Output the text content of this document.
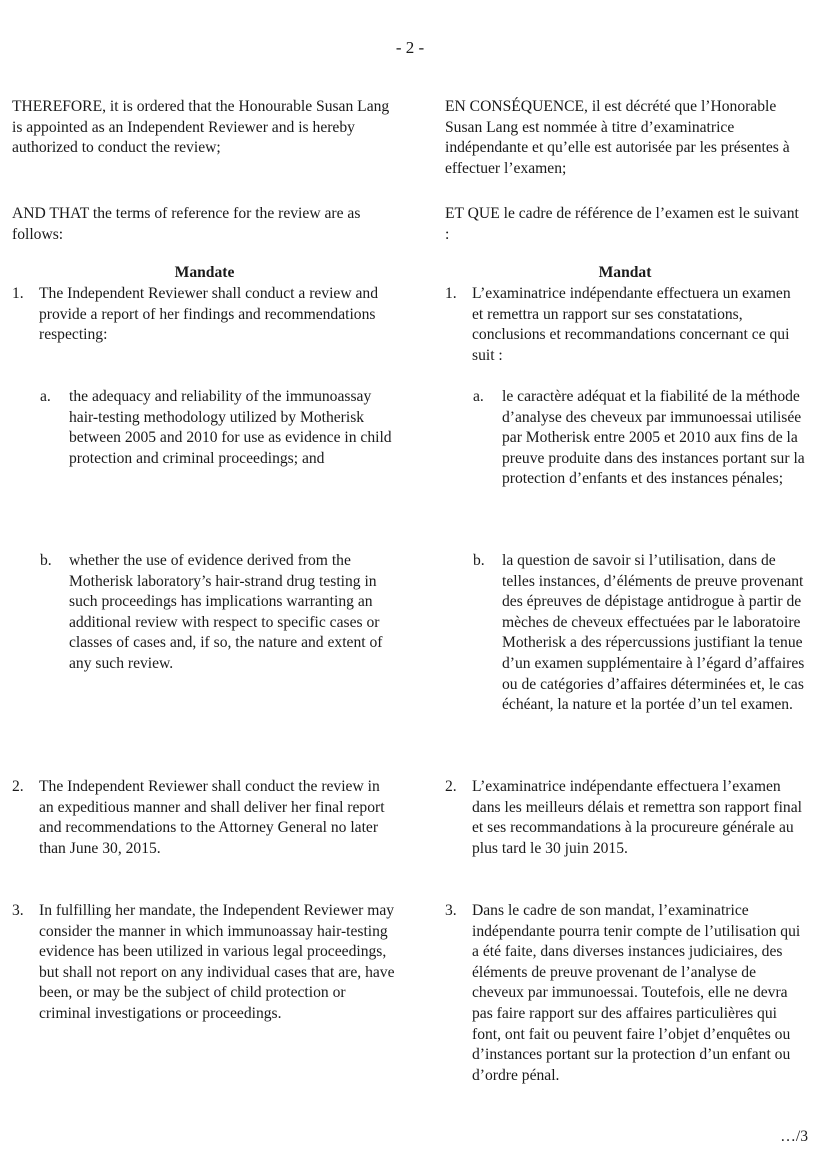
- 2 -

THEREFORE, it is ordered that the Honourable Susan Lang is appointed as an Independent Reviewer and is hereby authorized to conduct the review;

AND THAT the terms of reference for the review are as follows:

Mandate
1. The Independent Reviewer shall conduct a review and provide a report of her findings and recommendations respecting:
a. the adequacy and reliability of the immunoassay hair-testing methodology utilized by Motherisk between 2005 and 2010 for use as evidence in child protection and criminal proceedings; and
b. whether the use of evidence derived from the Motherisk laboratory’s hair-strand drug testing in such proceedings has implications warranting an additional review with respect to specific cases or classes of cases and, if so, the nature and extent of any such review.
2. The Independent Reviewer shall conduct the review in an expeditious manner and shall deliver her final report and recommendations to the Attorney General no later than June 30, 2015.
3. In fulfilling her mandate, the Independent Reviewer may consider the manner in which immunoassay hair-testing evidence has been utilized in various legal proceedings, but shall not report on any individual cases that are, have been, or may be the subject of child protection or criminal investigations or proceedings.

EN CONSÉQUENCE, il est décrété que l’Honorable Susan Lang est nommée à titre d’examinatrice indépendante et qu’elle est autorisée par les présentes à effectuer l’examen;

ET QUE le cadre de référence de l’examen est le suivant :

Mandat
1. L’examinatrice indépendante effectuera un examen et remettra un rapport sur ses constatations, conclusions et recommandations concernant ce qui suit :
a. le caractère adéquat et la fiabilité de la méthode d’analyse des cheveux par immunoessai utilisée par Motherisk entre 2005 et 2010 aux fins de la preuve produite dans des instances portant sur la protection d’enfants et des instances pénales;
b. la question de savoir si l’utilisation, dans de telles instances, d’éléments de preuve provenant des épreuves de dépistage antidrogue à partir de mèches de cheveux effectuées par le laboratoire Motherisk a des répercussions justifiant la tenue d’un examen supplémentaire à l’égard d’affaires ou de catégories d’affaires déterminées et, le cas échéant, la nature et la portée d’un tel examen.
2. L’examinatrice indépendante effectuera l’examen dans les meilleurs délais et remettra son rapport final et ses recommandations à la procureure générale au plus tard le 30 juin 2015.
3. Dans le cadre de son mandat, l’examinatrice indépendante pourra tenir compte de l’utilisation qui a été faite, dans diverses instances judiciaires, des éléments de preuve provenant de l’analyse de cheveux par immunoessai. Toutefois, elle ne devra pas faire rapport sur des affaires particulières qui font, ont fait ou peuvent faire l’objet d’enquêtes ou d’instances portant sur la protection d’un enfant ou d’ordre pénal.
…/3
